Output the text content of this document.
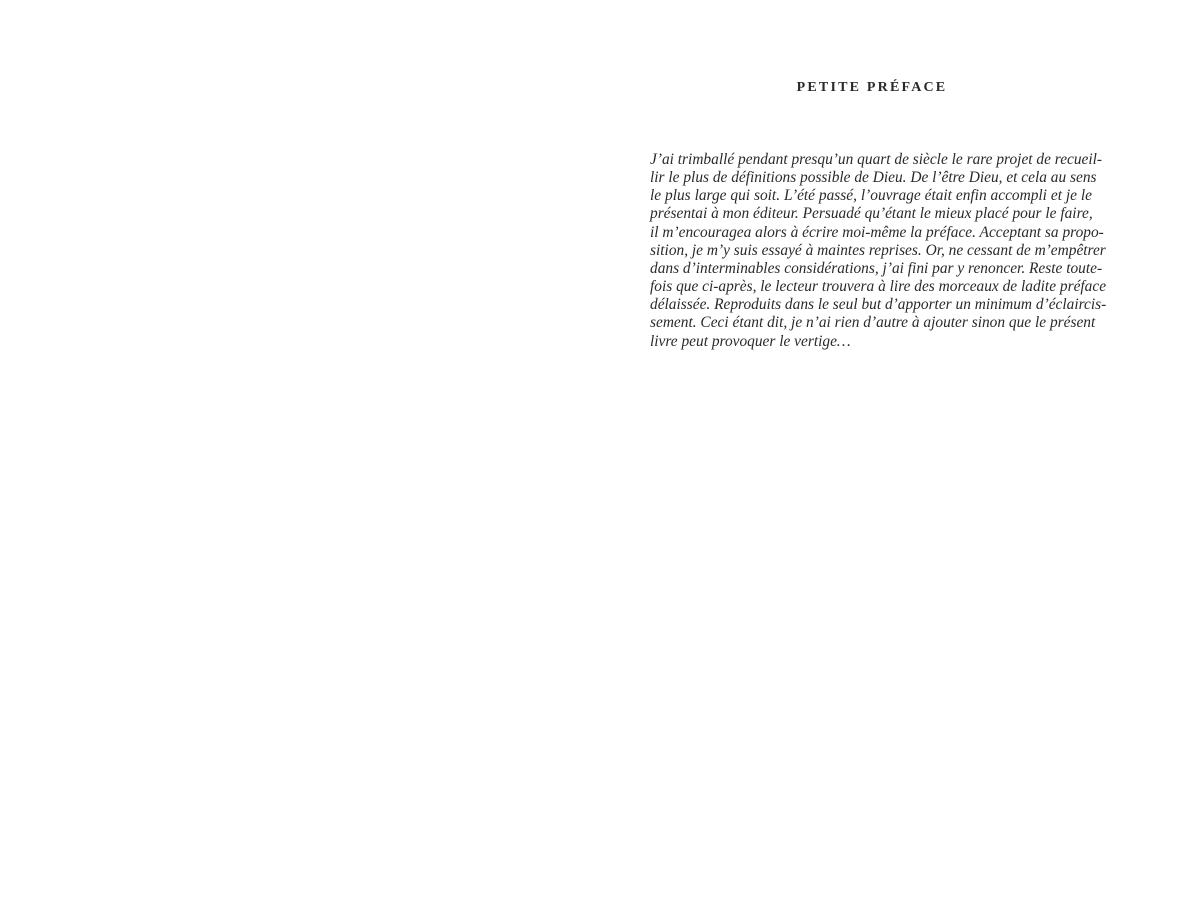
PETITE PRÉFACE

J’ai trimballé pendant presqu’un quart de siècle le rare projet de recueil-
lir le plus de définitions possible de Dieu. De l’être Dieu, et cela au sens
le plus large qui soit. L’été passé, l’ouvrage était enfin accompli et je le
présentai à mon éditeur. Persuadé qu’étant le mieux placé pour le faire,
il m’encouragea alors à écrire moi-même la préface. Acceptant sa propo-
sition, je m’y suis essayé à maintes reprises. Or, ne cessant de m’empêtrer
dans d’interminables considérations, j’ai fini par y renoncer. Reste toute-
fois que ci-après, le lecteur trouvera à lire des morceaux de ladite préface
délaissée. Reproduits dans le seul but d’apporter un minimum d’éclaircis-
sement. Ceci étant dit, je n’ai rien d’autre à ajouter sinon que le présent
livre peut provoquer le vertige…
